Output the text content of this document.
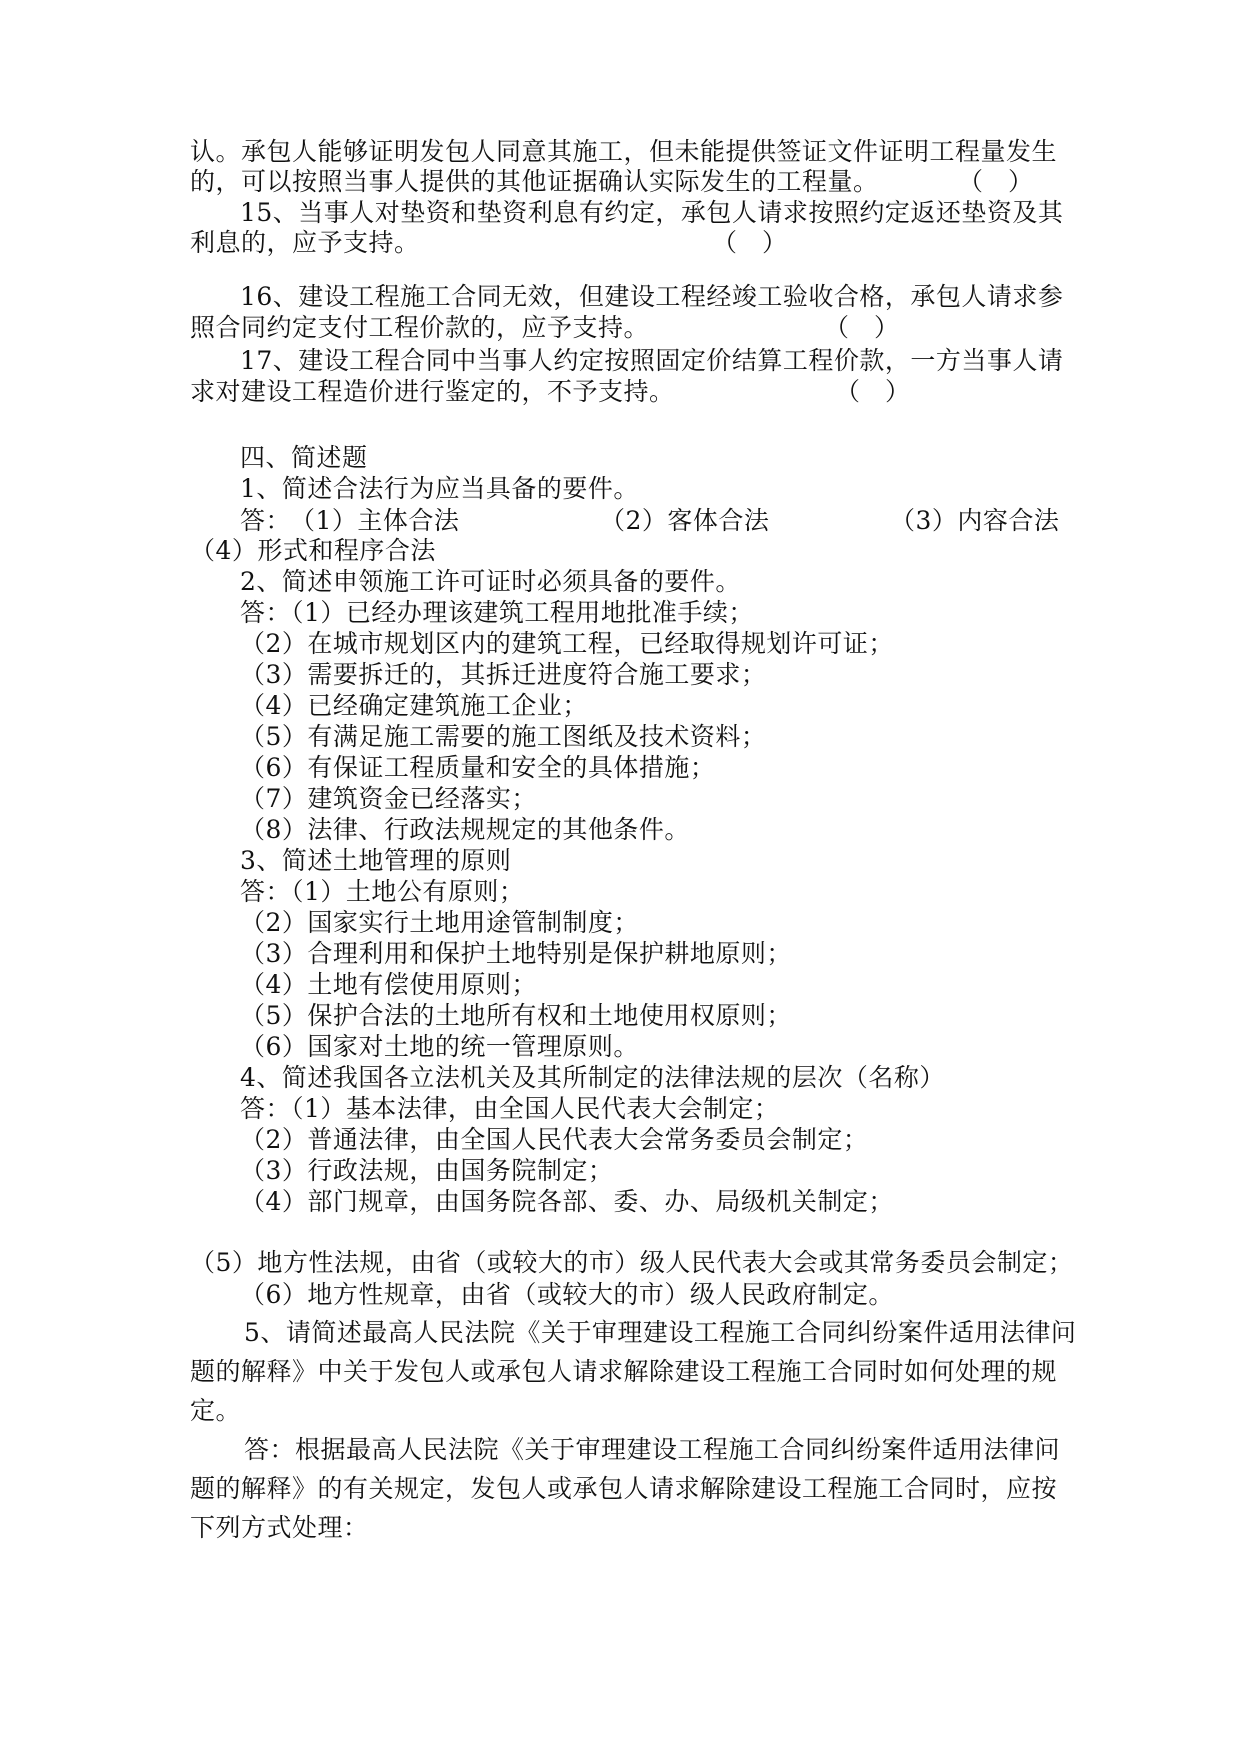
认。承包人能够证明发包人同意其施工，但未能提供签证文件证明工程量发生

的，可以按照当事人提供的其他证据确认实际发生的工程量。	（　）

15、当事人对垫资和垫资利息有约定，承包人请求按照约定返还垫资及其

利息的，应予支持。	（　）

16、建设工程施工合同无效，但建设工程经竣工验收合格，承包人请求参

照合同约定支付工程价款的，应予支持。	（　）

17、建设工程合同中当事人约定按照固定价结算工程价款，一方当事人请

求对建设工程造价进行鉴定的，不予支持。	（　）

四、简述题

1、简述合法行为应当具备的要件。

答：

（1）主体合法	（2）客体合法	（3）内容合法

（4）形式和程序合法

2、简述申领施工许可证时必须具备的要件。

答：（1）已经办理该建筑工程用地批准手续；

（2）在城市规划区内的建筑工程，已经取得规划许可证；

（3）需要拆迁的，其拆迁进度符合施工要求；

（4）已经确定建筑施工企业；

（5）有满足施工需要的施工图纸及技术资料；

（6）有保证工程质量和安全的具体措施；

（7）建筑资金已经落实；

（8）法律、行政法规规定的其他条件。

3、简述土地管理的原则

答：（1）土地公有原则；

（2）国家实行土地用途管制制度；

（3）合理利用和保护土地特别是保护耕地原则；

（4）土地有偿使用原则；

（5）保护合法的土地所有权和土地使用权原则；

（6）国家对土地的统一管理原则。

4、简述我国各立法机关及其所制定的法律法规的层次（名称）

答：（1）基本法律，由全国人民代表大会制定；

（2）普通法律，由全国人民代表大会常务委员会制定；

（3）行政法规，由国务院制定；

（4）部门规章，由国务院各部、委、办、局级机关制定；

（5）地方性法规，由省（或较大的市）级人民代表大会或其常务委员会制定；

（6）地方性规章，由省（或较大的市）级人民政府制定。

5、请简述最高人民法院《关于审理建设工程施工合同纠纷案件适用法律问

题的解释》中关于发包人或承包人请求解除建设工程施工合同时如何处理的规

定。

答：根据最高人民法院《关于审理建设工程施工合同纠纷案件适用法律问

题的解释》的有关规定，发包人或承包人请求解除建设工程施工合同时，应按

下列方式处理：
